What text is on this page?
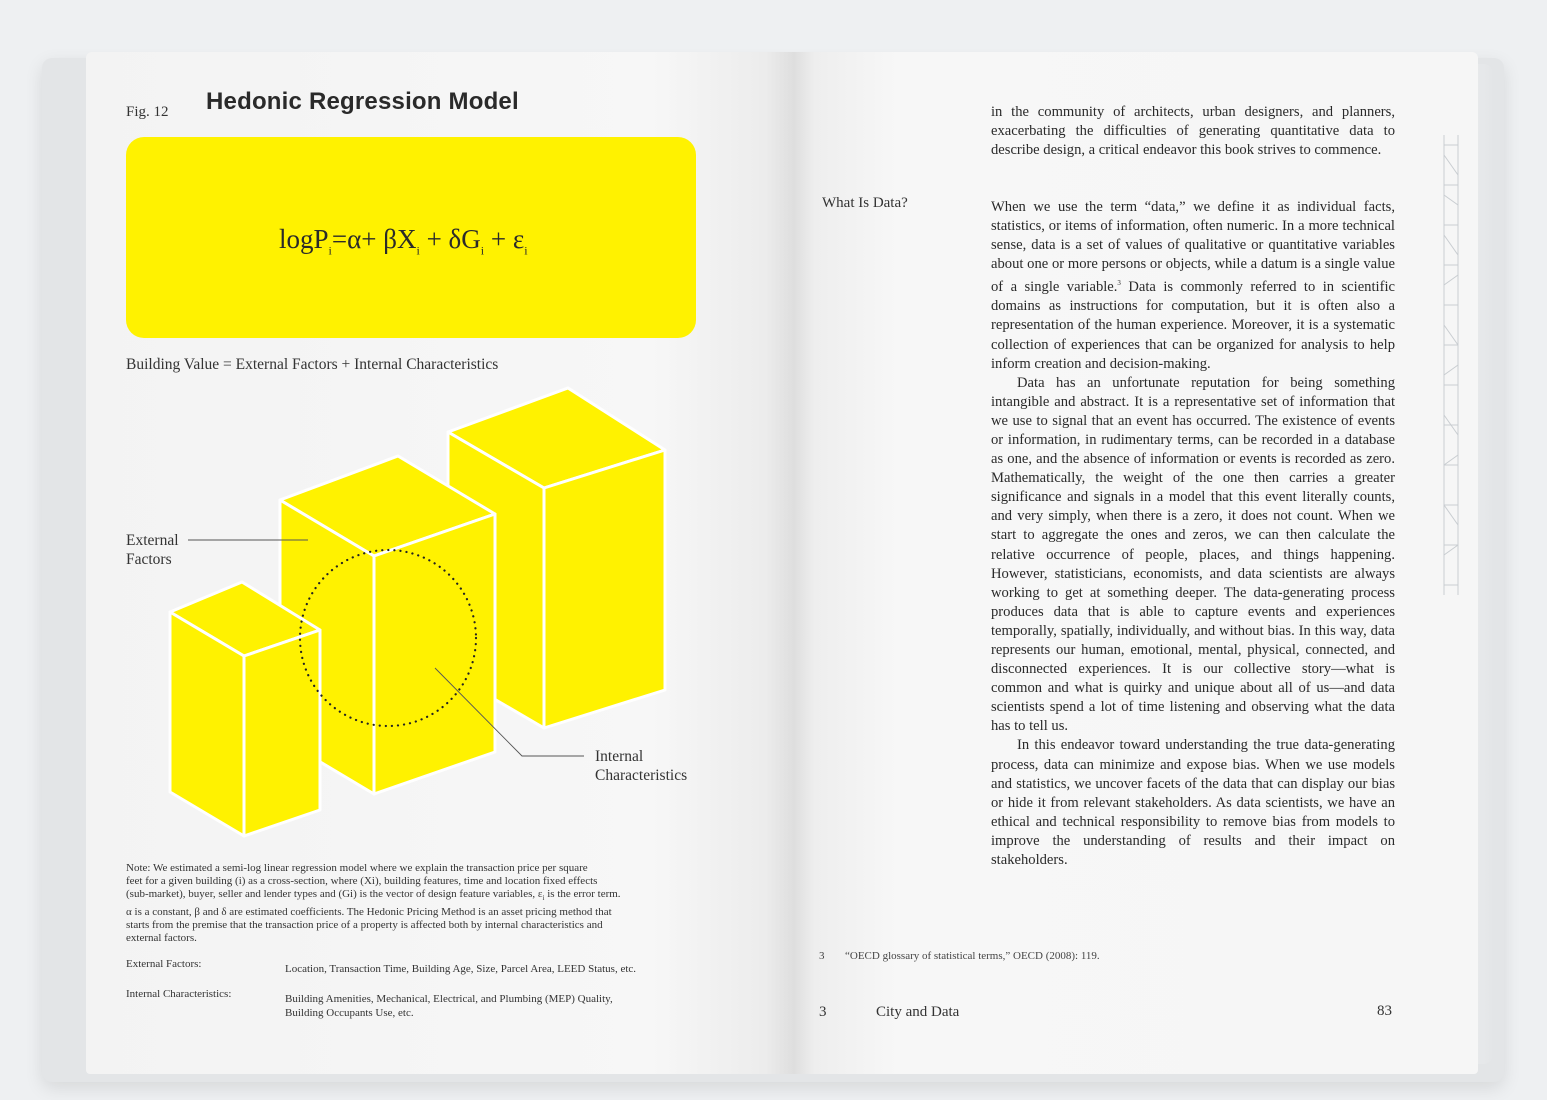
Fig. 12 Hedonic Regression Model
$\log P_i=\alpha+ \beta X_i + \delta G_i + \varepsilon_i$
Building Value = External Factors + Internal Characteristics
External
Factors
Internal
Characteristics
Note: We estimated a semi-log linear regression model where we explain the transaction price per square
feet for a given building (i) as a cross-section, where (Xi), building features, time and location fixed effects
(sub-market), buyer, seller and lender types and (Gi) is the vector of design feature variables, $\varepsilon_i$ is the error term.
α is a constant, β and δ are estimated coefficients. The Hedonic Pricing Method is an asset pricing method that
starts from the premise that the transaction price of a property is affected both by internal characteristics and
external factors.
External Factors:	Location, Transaction Time, Building Age, Size, Parcel Area, LEED Status, etc.
Internal Characteristics:	Building Amenities, Mechanical, Electrical, and Plumbing (MEP) Quality,
Building Occupants Use, etc.

in the community of architects, urban designers, and planners, exacerbating the difficulties of generating quantitative data to describe design, a critical endeavor this book strives to commence.

What Is Data?	When we use the term “data,” we define it as individual facts, statistics, or items of information, often numeric. In a more technical sense, data is a set of values of qualitative or quantitative variables about one or more persons or objects, while a datum is a single value of a single variable.$^3$ Data is commonly referred to in scientific domains as instructions for computation, but it is often also a representation of the human experience. Moreover, it is a systematic collection of experiences that can be organized for analysis to help inform creation and decision-making.

Data has an unfortunate reputation for being something intangible and abstract. It is a representative set of information that we use to signal that an event has occurred. The existence of events or information, in rudimentary terms, can be recorded in a database as one, and the absence of information or events is recorded as zero. Mathematically, the weight of the one then carries a greater significance and signals in a model that this event literally counts, and very simply, when there is a zero, it does not count. When we start to aggregate the ones and zeros, we can then calculate the relative occurrence of people, places, and things happening. However, statisticians, economists, and data scientists are always working to get at something deeper. The data-generating process produces data that is able to capture events and experiences temporally, spatially, individually, and without bias. In this way, data represents our human, emotional, mental, physical, connected, and disconnected experiences. It is our collective story—what is common and what is quirky and unique about all of us—and data scientists spend a lot of time listening and observing what the data has to tell us.

In this endeavor toward understanding the true data-generating process, data can minimize and expose bias. When we use models and statistics, we uncover facets of the data that can display our bias or hide it from relevant stakeholders. As data scientists, we have an ethical and technical responsibility to remove bias from models to improve the understanding of results and their impact on stakeholders.

3 “OECD glossary of statistical terms,” OECD (2008): 119.
3	City and Data	83
